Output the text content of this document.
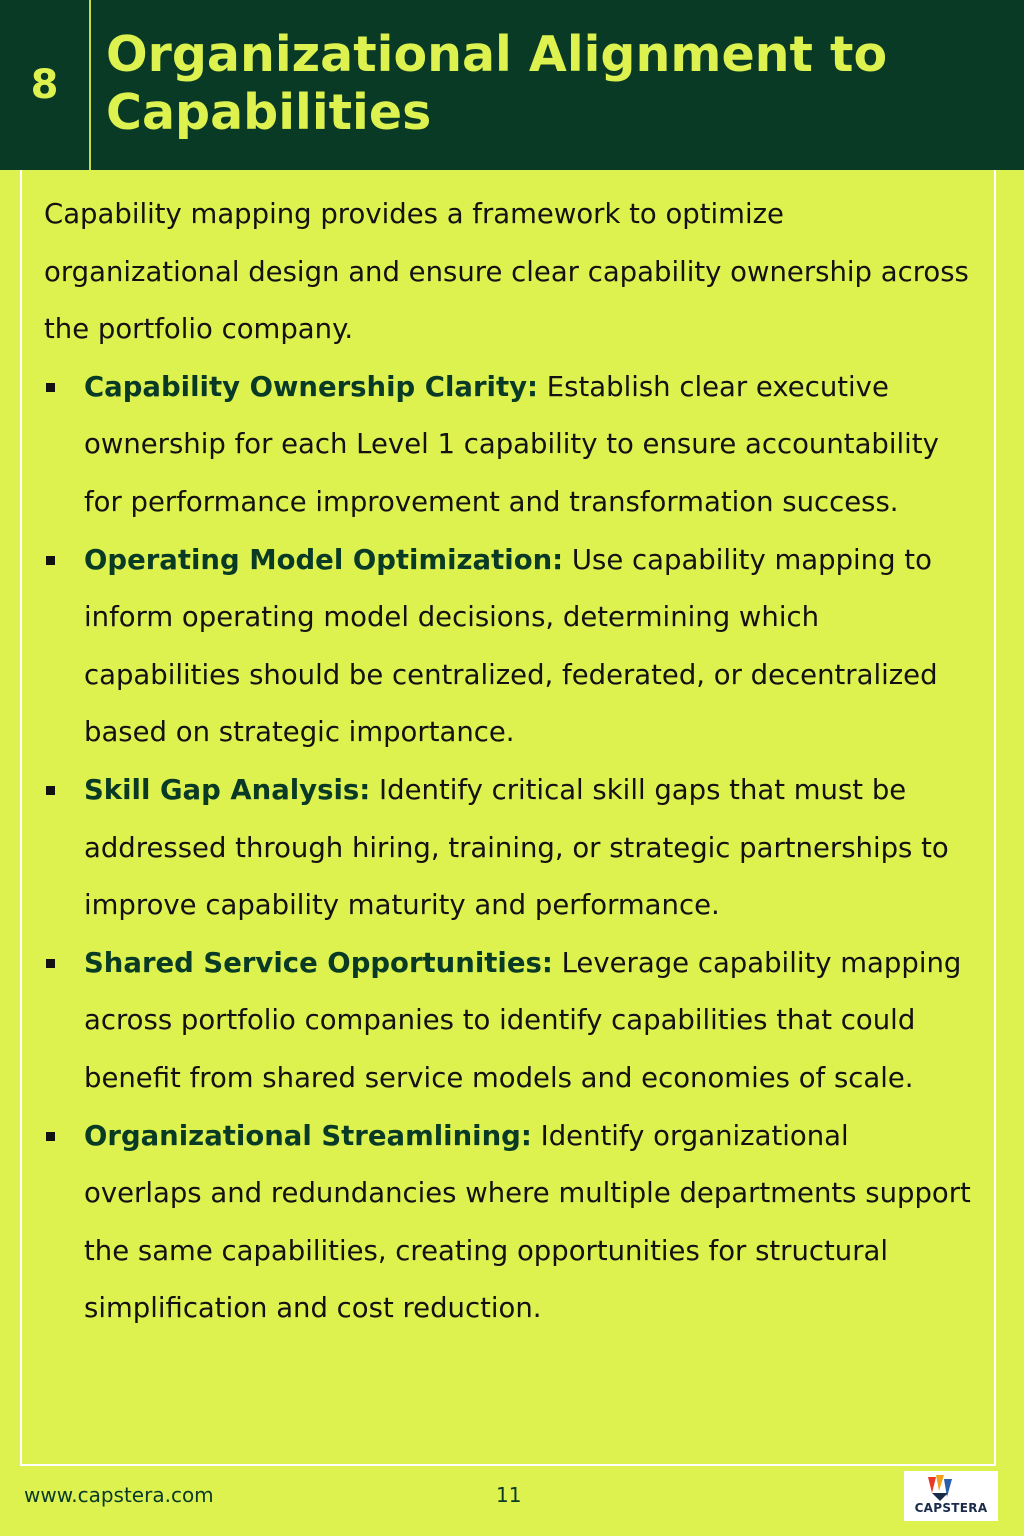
8
Organizational Alignment to Capabilities

Capability mapping provides a framework to optimize organizational design and ensure clear capability ownership across the portfolio company.

Capability Ownership Clarity: Establish clear executive ownership for each Level 1 capability to ensure accountability for performance improvement and transformation success.
Operating Model Optimization: Use capability mapping to inform operating model decisions, determining which capabilities should be centralized, federated, or decentralized based on strategic importance.
Skill Gap Analysis: Identify critical skill gaps that must be addressed through hiring, training, or strategic partnerships to improve capability maturity and performance.
Shared Service Opportunities: Leverage capability mapping across portfolio companies to identify capabilities that could benefit from shared service models and economies of scale.
Organizational Streamlining: Identify organizational overlaps and redundancies where multiple departments support the same capabilities, creating opportunities for structural simplification and cost reduction.
www.capstera.com	11
CAPSTERA
